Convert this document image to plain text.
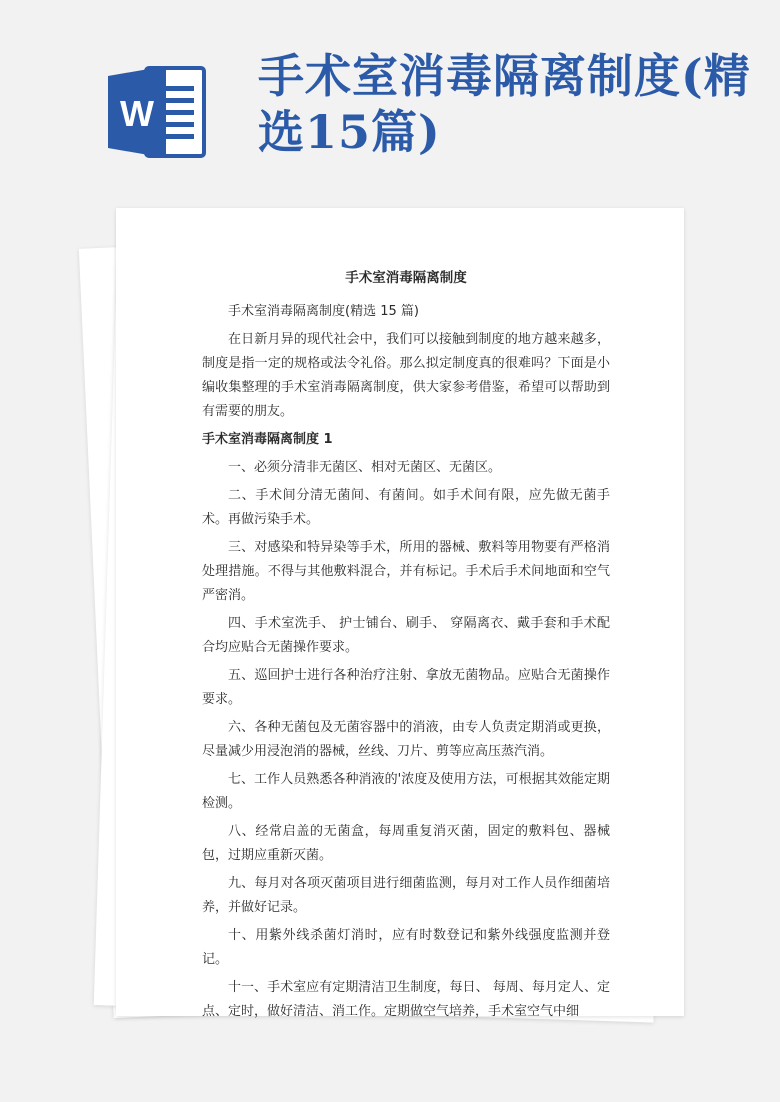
W
手术室消毒隔离制度(精选15篇)
手术室消毒隔离制度

手术室消毒隔离制度(精选 15 篇)

在日新月异的现代社会中，我们可以接触到制度的地方越来越多，制度是指一定的规格或法令礼俗。那么拟定制度真的很难吗？下面是小编收集整理的手术室消毒隔离制度，供大家参考借鉴，希望可以帮助到有需要的朋友。

手术室消毒隔离制度 1

一、必须分清非无菌区、相对无菌区、无菌区。

二、手术间分清无菌间、有菌间。如手术间有限，应先做无菌手术。再做污染手术。

三、对感染和特异染等手术，所用的器械、敷料等用物要有严格消处理措施。不得与其他敷料混合，并有标记。手术后手术间地面和空气严密消。

四、手术室洗手、 护士铺台、刷手、 穿隔离衣、戴手套和手术配合均应贴合无菌操作要求。

五、巡回护士进行各种治疗注射、拿放无菌物品。应贴合无菌操作要求。

六、各种无菌包及无菌容器中的消液，由专人负责定期消或更换，尽量减少用浸泡消的器械，丝线、刀片、剪等应高压蒸汽消。

七、工作人员熟悉各种消液的'浓度及使用方法，可根据其效能定期检测。

八、经常启盖的无菌盒，每周重复消灭菌，固定的敷料包、器械包，过期应重新灭菌。

九、每月对各项灭菌项目进行细菌监测，每月对工作人员作细菌培养，并做好记录。

十、用紫外线杀菌灯消时，应有时数登记和紫外线强度监测并登记。

十一、手术室应有定期清洁卫生制度，每日、 每周、每月定人、定点、定时，做好清洁、消工作。定期做空气培养，手术室空气中细
